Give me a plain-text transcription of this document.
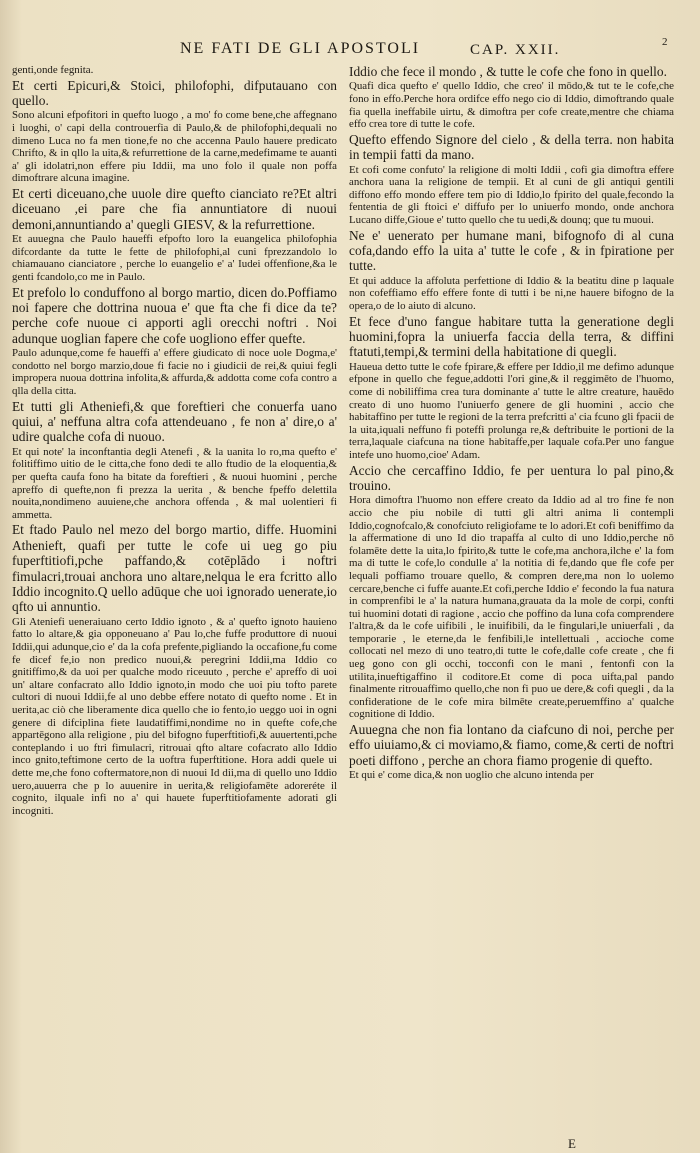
NE FATI DE GLI APOSTOLI	CAP. XXII.	2

genti,onde fegnita.

Et certi Epicuri,& Stoici, philofophi, difputauano con quello.

Sono alcuni efpofitori in quefto luogo , a mo' fo come bene,che affegnano i luoghi, o' capi della controuerfia di Paulo,& de philofophi,dequali no dimeno Luca no fa men tione,fe no che accenna Paulo hauere predicato Chrifto, & in qllo la uita,& refurrettione de la carne,medefimame te auanti a' gli idolatri,non effere piu Iddii, ma uno folo il quale non poffa dimoftrare alcuna imagine.

Et certi diceuano,che uuole dire quefto cianciato re?Et altri diceuano ,ei pare che fia annuntiatore di nuoui demoni,annuntiando a' quegli GIESV, & la refurrettione.

Et auuegna che Paulo haueffi efpofto loro la euangelica philofophia difcordante da tutte le fette de philofophi,al cuni fprezzandolo lo chiamauano cianciatore , perche lo euangelio e' a' Iudei offenfione,&a le genti fcandolo,co me in Paulo.

Et prefolo lo conduffono al borgo martio, dicen do.Poffiamo noi fapere che dottrina nuoua e' que fta che fi dice da te? perche cofe nuoue ci apporti agli orecchi noftri . Noi adunque uoglian fapere che cofe uogliono effer quefte.

Paulo adunque,come fe haueffi a' effere giudicato di noce uole Dogma,e' condotto nel borgo marzio,doue fi facie no i giudicii de rei,& quiui fegli impropera nuoua dottrina infolita,& affurda,& addotta come cofa contro a qlla della citta.

Et tutti gli Atheniefi,& que foreftieri che conuerfa uano quiui, a' neffuna altra cofa attendeuano , fe non a' dire,o a' udire qualche cofa di nuouo.

Et qui note' la inconftantia degli Atenefi , & la uanita lo ro,ma quefto e' folitiffimo uitio de le citta,che fono dedi te allo ftudio de la eloquentia,& per quefta caufa fono ha bitate da foreftieri , & nuoui huomini , perche apreffo di quefte,non fi prezza la uerita , & benche fpeffo delettila nouita,nondimeno auuiene,che anchora offenda , & mal uolentieri fi ammetta.

Et ftado Paulo nel mezo del borgo martio, diffe. Huomini Athenieft, quafi per tutte le cofe ui ueg go piu fuperftitiofi,pche paffando,& cotēplādo i noftri fimulacri,trouai anchora uno altare,nelqua le era fcritto allo Iddio incognito.Q uello adūque che uoi ignorado uenerate,io qfto ui annuntio.

Gli Ateniefi ueneraiuano certo Iddio ignoto , & a' quefto ignoto hauieno fatto lo altare,& gia opponeuano a' Pau lo,che fuffe produttore di nuoui Iddii,qui adunque,cio e' da la cofa prefente,pigliando la occafione,fu come fe dicef fe,io non predico nuoui,& peregrini Iddii,ma Iddio co gnitiffimo,& da uoi per qualche modo riceuuto , perche e' apreffo di uoi un' altare confacrato allo Iddio ignoto,in modo che uoi piu tofto parete cultori di nuoui Iddii,fe al uno debbe effere notato di quefto nome . Et in uerita,ac ciò che liberamente dica quello che io fento,io ueggo uoi in ogni genere di difciplina fiete laudatiffimi,nondime no in quefte cofe,che appartēgono alla religione , piu del bifogno fuperftitiofi,& auuertenti,pche conteplando i uo ftri fimulacri, ritrouai qfto altare cofacrato allo Iddio inco gnito,teftimone certo de la uoftra fuperftitione. Hora addi quele ui dette me,che fono coftermatore,non di nuoui Id dii,ma di quello uno Iddio uero,auuerra che p lo auuenire in uerita,& religiofamēte adoreréte il cognito, ilquale infi no a' qui hauete fuperftitiofamente adorati gli incogniti.

Iddio che fece il mondo , & tutte le cofe che fono in quello.

Quafi dica quefto e' quello Iddio, che creo' il mōdo,& tut te le cofe,che fono in effo.Perche hora ordifce effo nego cio di Iddio, dimoftrando quale fia quella ineffabile uirtu, & dimoftra per cofe create,mentre che chiama effo crea tore di tutte le cofe.

Quefto effendo Signore del cielo , & della terra. non habita in tempii fatti da mano.

Et cofi come confuto' la religione di molti Iddii , cofi gia dimoftra effere anchora uana la religione de tempii. Et al cuni de gli antiqui gentili diffono effo mondo effere tem pio di Iddio,lo fpirito del quale,fecondo la fententia de gli ftoici e' diffufo per lo uniuerfo mondo, onde anchora Lucano diffe,Gioue e' tutto quello che tu uedi,& dounq; que tu muoui.

Ne e' uenerato per humane mani, bifognofo di al cuna cofa,dando effo la uita a' tutte le cofe , & in fpiratione per tutte.

Et qui adduce la affoluta perfettione di Iddio & la beatitu dine p laquale non cofeffiamo effo effere fonte di tutti i be ni,ne hauere bifogno de la opera,o de lo aiuto di alcuno.

Et fece d'uno fangue habitare tutta la generatione degli huomini,fopra la uniuerfa faccia della terra, & diffini ftatuti,tempi,& termini della habitatione di quegli.

Haueua detto tutte le cofe fpirare,& effere per Iddio,il me defimo adunque efpone in quello che fegue,addotti l'ori gine,& il reggimēto de l'huomo, come di nobiliffima crea tura dominante a' tutte le altre creature, hauēdo creato di uno huomo l'uniuerfo genere de gli huomini , accio che habitaffino per tutte le regioni de la terra prefcritti a' cia fcuno gli fpacii de la uita,iquali neffuno fi poteffi prolunga re,& deftribuite le portioni de la terra,laquale ciafcuna na tione habitaffe,per laquale cofa.Per uno fangue intefe uno huomo,cioe' Adam.

Accio che cercaffino Iddio, fe per uentura lo pal pino,& trouino.

Hora dimoftra l'huomo non effere creato da Iddio ad al tro fine fe non accio che piu nobile di tutti gli altri anima li contempli Iddio,cognofcalo,& conofciuto religiofame te lo adori.Et cofi beniffimo da la affermatione di uno Id dio trapaffa al culto di uno Iddio,perche nō folamēte dette la uita,lo fpirito,& tutte le cofe,ma anchora,ilche e' la fom ma di tutte le cofe,lo condulle a' la notitia di fe,dando que fle cofe per lequali poffiamo trouare quello, & compren dere,ma non lo uolemo cercare,benche ci fuffe auante.Et cofi,perche Iddio e' fecondo la fua natura in comprenfibi le a' la natura humana,grauata da la mole de corpi, confti tui huomini dotati di ragione , accio che poffino da luna cofa comprendere l'altra,& da le cofe uifibili , le inuifibili, da le fingulari,le uniuerfali , da temporarie , le eterne,da le fenfibili,le intellettuali , accioche come collocati nel mezo di uno teatro,di tutte le cofe,dalle cofe create , che fi ueg gono con gli occhi, tocconfi con le mani , fentonfi con la utilita,inueftigaffino il coditore.Et come di poca uifta,pal pando finalmente ritrouaffimo quello,che non fi puo ue dere,& cofi quegli , da la confideratione de le cofe mira bilmēte create,peruemffino a' qualche cognitione di Iddio.

Auuegna che non fia lontano da ciafcuno di noi, perche per effo uiuiamo,& ci moviamo,& fiamo, come,& certi de noftri poeti diffono , perche an chora fiamo progenie di quefto.

Et qui e' come dica,& non uoglio che alcuno intenda per

E
